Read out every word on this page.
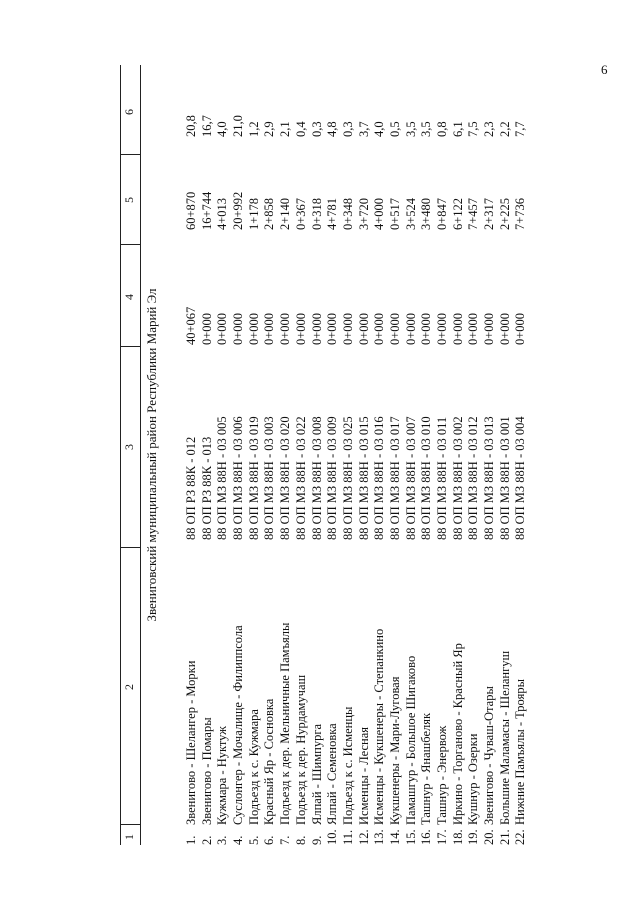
6
1
2
3
4
5
6
Звениговский муниципальный район Республики Марий Эл
1.
Звенигово - Шелангер - Морки
88 ОП РЗ 88К - 012
40+067
60+870
20,8
2.
Звенигово - Помары
88 ОП РЗ 88К - 013
0+000
16+744
16,7
3.
Кужмара - Нуктуж
88 ОП МЗ 88Н - 03 005
0+000
4+013
4,0
4.
Суслонгер - Мочалище - Филиппсола
88 ОП МЗ 88Н - 03 006
0+000
20+992
21,0
5.
Подъезд к с. Кужмара
88 ОП МЗ 88Н - 03 019
0+000
1+178
1,2
6.
Красный Яр - Сосновка
88 ОП МЗ 88Н - 03 003
0+000
2+858
2,9
7.
Подъезд к дер. Мельничные Памъялы
88 ОП МЗ 88Н - 03 020
0+000
2+140
2,1
8.
Подъезд к дер. Нурдамучаш
88 ОП МЗ 88Н - 03 022
0+000
0+367
0,4
9.
Ялпай - Шимпурга
88 ОП МЗ 88Н - 03 008
0+000
0+318
0,3
10.
Ялпай - Семеновка
88 ОП МЗ 88Н - 03 009
0+000
4+781
4,8
11.
Подъезд к с. Исменцы
88 ОП МЗ 88Н - 03 025
0+000
0+348
0,3
12.
Исменцы - Лесная
88 ОП МЗ 88Н - 03 015
0+000
3+720
3,7
13.
Исменцы - Кукшенеры - Степанкино
88 ОП МЗ 88Н - 03 016
0+000
4+000
4,0
14.
Кукшенеры - Мари-Луговая
88 ОП МЗ 88Н - 03 017
0+000
0+517
0,5
15.
Памашгур - Большое Шигаково
88 ОП МЗ 88Н - 03 007
0+000
3+524
3,5
16.
Ташнур - Янашбеляк
88 ОП МЗ 88Н - 03 010
0+000
3+480
3,5
17.
Ташнур - Энервож
88 ОП МЗ 88Н - 03 011
0+000
0+847
0,8
18.
Иркино - Торганово - Красный Яр
88 ОП МЗ 88Н - 03 002
0+000
6+122
6,1
19.
Кушнур - Озерки
88 ОП МЗ 88Н - 03 012
0+000
7+457
7,5
20.
Звенигово - Чуваш-Отары
88 ОП МЗ 88Н - 03 013
0+000
2+317
2,3
21.
Большие Маламасы - Шелангуш
88 ОП МЗ 88Н - 03 001
0+000
2+225
2,2
22.
Нижние Памъялы - Трояры
88 ОП МЗ 88Н - 03 004
0+000
7+736
7,7
